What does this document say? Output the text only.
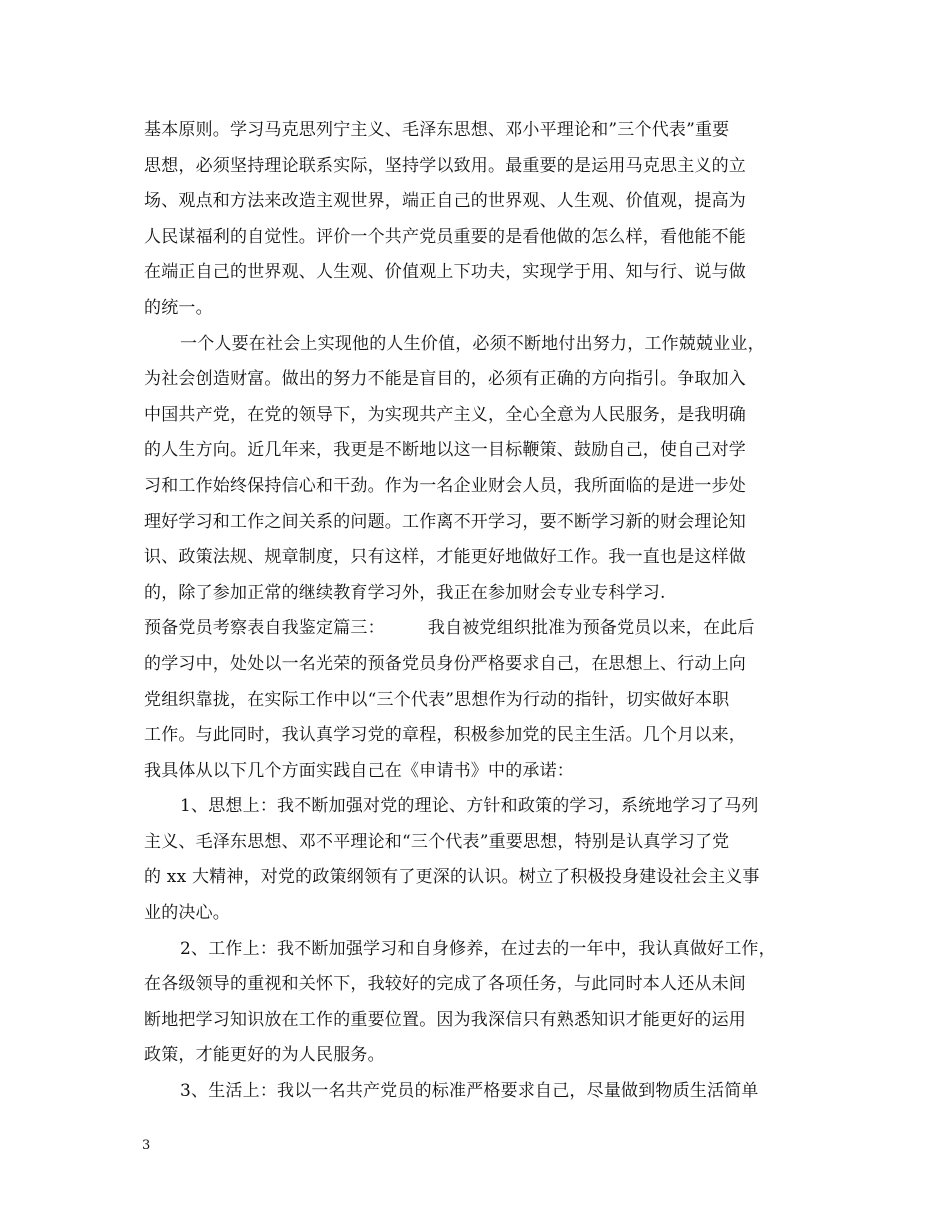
基本原则。学习马克思列宁主义、毛泽东思想、邓小平理论和”三个代表”重要
思想，必须坚持理论联系实际，坚持学以致用。最重要的是运用马克思主义的立
场、观点和方法来改造主观世界，端正自己的世界观、人生观、价值观，提高为
人民谋福利的自觉性。评价一个共产党员重要的是看他做的怎么样，看他能不能
在端正自己的世界观、人生观、价值观上下功夫，实现学于用、知与行、说与做
的统一。
一个人要在社会上实现他的人生价值，必须不断地付出努力，工作兢兢业业，
为社会创造财富。做出的努力不能是盲目的，必须有正确的方向指引。争取加入
中国共产党，在党的领导下，为实现共产主义，全心全意为人民服务，是我明确
的人生方向。近几年来，我更是不断地以这一目标鞭策、鼓励自己，使自己对学
习和工作始终保持信心和干劲。作为一名企业财会人员，我所面临的是进一步处
理好学习和工作之间关系的问题。工作离不开学习，要不断学习新的财会理论知
识、政策法规、规章制度，只有这样，才能更好地做好工作。我一直也是这样做
的，除了参加正常的继续教育学习外，我正在参加财会专业专科学习.
预备党员考察表自我鉴定篇三：　　　我自被党组织批准为预备党员以来，在此后
的学习中，处处以一名光荣的预备党员身份严格要求自己，在思想上、行动上向
党组织靠拢，在实际工作中以“三个代表”思想作为行动的指针，切实做好本职
工作。与此同时，我认真学习党的章程，积极参加党的民主生活。几个月以来，
我具体从以下几个方面实践自己在《申请书》中的承诺：
1、思想上：我不断加强对党的理论、方针和政策的学习，系统地学习了马列
主义、毛泽东思想、邓不平理论和“三个代表”重要思想，特别是认真学习了党
的 xx 大精神，对党的政策纲领有了更深的认识。树立了积极投身建设社会主义事
业的决心。
2、工作上：我不断加强学习和自身修养，在过去的一年中，我认真做好工作，
在各级领导的重视和关怀下，我较好的完成了各项任务，与此同时本人还从未间
断地把学习知识放在工作的重要位置。因为我深信只有熟悉知识才能更好的运用
政策，才能更好的为人民服务。
3、生活上：我以一名共产党员的标准严格要求自己，尽量做到物质生活简单
3
